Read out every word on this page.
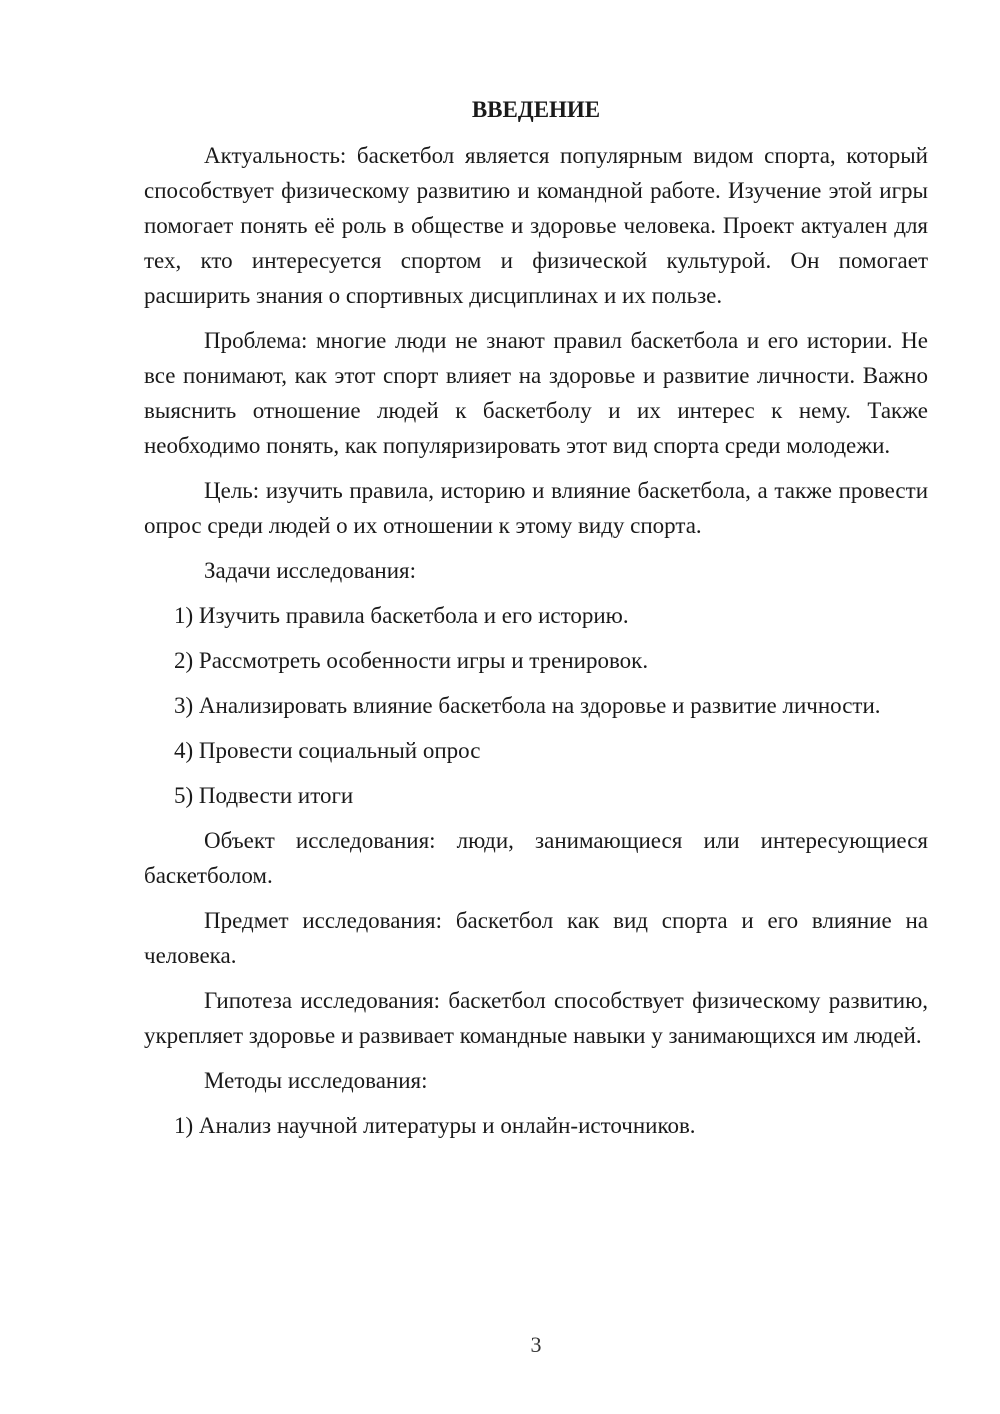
ВВЕДЕНИЕ

Актуальность: баскетбол является популярным видом спорта, который способствует физическому развитию и командной работе. Изучение этой игры помогает понять её роль в обществе и здоровье человека. Проект актуален для тех, кто интересуется спортом и физической культурой. Он помогает расширить знания о спортивных дисциплинах и их пользе.

Проблема: многие люди не знают правил баскетбола и его истории. Не все понимают, как этот спорт влияет на здоровье и развитие личности. Важно выяснить отношение людей к баскетболу и их интерес к нему. Также необходимо понять, как популяризировать этот вид спорта среди молодежи.

Цель: изучить правила, историю и влияние баскетбола, а также провести опрос среди людей о их отношении к этому виду спорта.

Задачи исследования:

1) Изучить правила баскетбола и его историю.

2) Рассмотреть особенности игры и тренировок.

3) Анализировать влияние баскетбола на здоровье и развитие личности.

4) Провести социальный опрос

5) Подвести итоги

Объект исследования: люди, занимающиеся или интересующиеся баскетболом.

Предмет исследования: баскетбол как вид спорта и его влияние на человека.

Гипотеза исследования: баскетбол способствует физическому развитию, укрепляет здоровье и развивает командные навыки у занимающихся им людей.

Методы исследования:

1) Анализ научной литературы и онлайн-источников.

3
